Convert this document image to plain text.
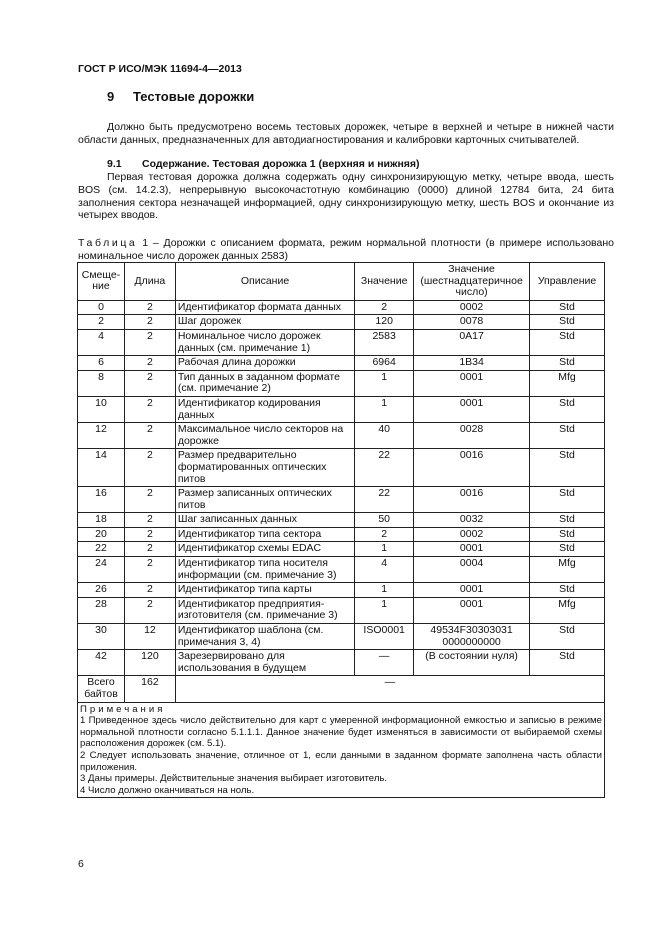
ГОСТ Р ИСО/МЭК 11694-4—2013
9 Тестовые дорожки

Должно быть предусмотрено восемь тестовых дорожек, четыре в верхней и четыре в нижней части области данных, предназначенных для автодиагностирования и калибровки карточных считывателей.

9.1 Содержание. Тестовая дорожка 1 (верхняя и нижняя)

Первая тестовая дорожка должна содержать одну синхронизирующую метку, четыре ввода, шесть BOS (см. 14.2.3), непрерывную высокочастотную комбинацию (0000) длиной 12784 бита, 24 бита заполнения сектора незначащей информацией, одну синхронизирующую метку, шесть BOS и окончание из четырех вводов.

Таблица 1 – Дорожки с описанием формата, режим нормальной плотности (в примере использовано номинальное число дорожек данных 2583)
Смеще-ние	Длина	Описание	Значение	Значение (шестнадцатеричное число)	Управление
0	2	Идентификатор формата данных	2	0002	Std
2	2	Шаг дорожек	120	0078	Std
4	2	Номинальное число дорожек данных (см. примечание 1)	2583	0A17	Std
6	2	Рабочая длина дорожки	6964	1B34	Std
8	2	Тип данных в заданном формате (см. примечание 2)	1	0001	Mfg
10	2	Идентификатор кодирования данных	1	0001	Std
12	2	Максимальное число секторов на дорожке	40	0028	Std
14	2	Размер предварительно форматированных оптических питов	22	0016	Std
16	2	Размер записанных оптических питов	22	0016	Std
18	2	Шаг записанных данных	50	0032	Std
20	2	Идентификатор типа сектора	2	0002	Std
22	2	Идентификатор схемы EDAC	1	0001	Std
24	2	Идентификатор типа носителя информации (см. примечание 3)	4	0004	Mfg
26	2	Идентификатор типа карты	1	0001	Std
28	2	Идентификатор предприятия-изготовителя (см. примечание 3)	1	0001	Mfg
30	12	Идентификатор шаблона (см. примечания 3, 4)	ISO0001	49534F30303031 0000000000	Std
42	120	Зарезервировано для использования в будущем	—	(В состоянии нуля)	Std
Всего байтов	162	—			

Примечания
1 Приведенное здесь число действительно для карт с умеренной информационной емкостью и записью в режиме нормальной плотности согласно 5.1.1.1. Данное значение будет изменяться в зависимости от выбираемой схемы расположения дорожек (см. 5.1).
2 Следует использовать значение, отличное от 1, если данными в заданном формате заполнена часть области приложения.
3 Даны примеры. Действительные значения выбирает изготовитель.
4 Число должно оканчиваться на ноль.					
6
